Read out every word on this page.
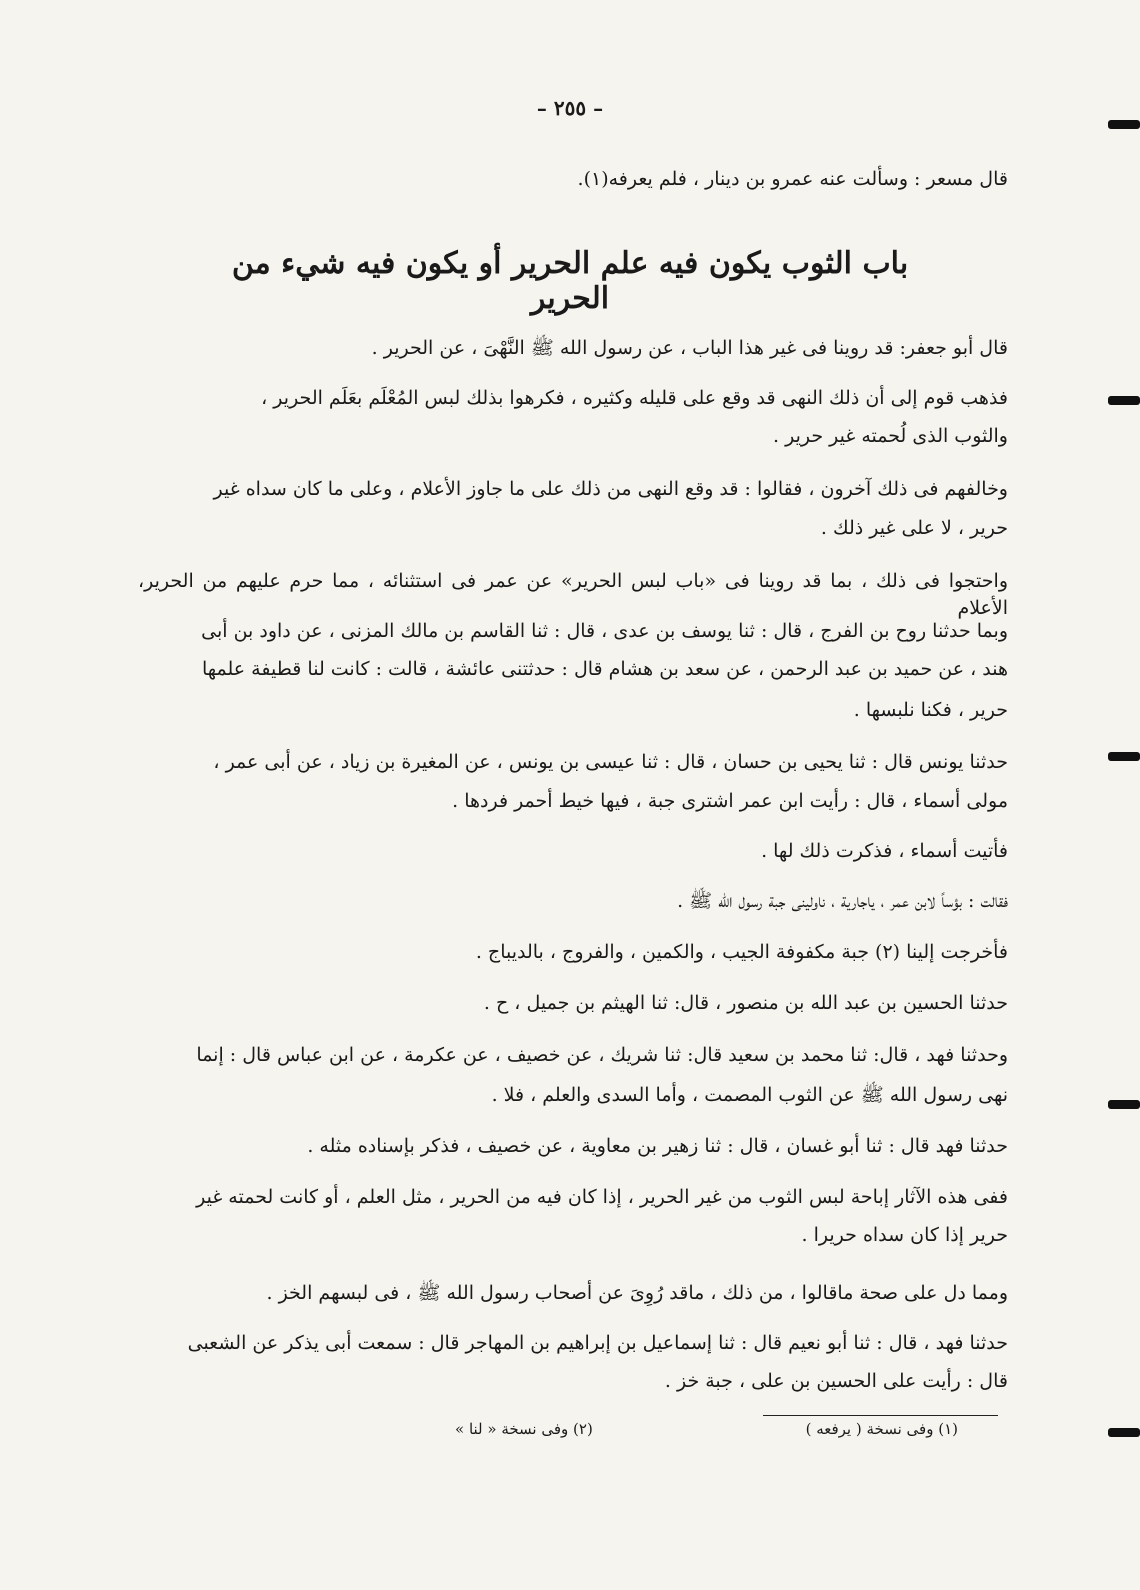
– ٢٥٥ –
قال مسعر : وسألت عنه عمرو بن دينار ، فلم يعرفه(١).
باب الثوب يكون فيه علم الحرير أو يكون فيه شيء من الحرير
قال أبو جعفر: قد روينا فى غير هذا الباب ، عن رسول الله ﷺ النَّهْىَ ، عن الحرير .
فذهب قوم إلى أن ذلك النهى قد وقع على قليله وكثيره ، فكرهوا بذلك لبس المُعْلَم بعَلَم الحرير ،
والثوب الذى لُحمته غير حرير .
وخالفهم فى ذلك آخرون ، فقالوا : قد وقع النهى من ذلك على ما جاوز الأعلام ، وعلى ما كان سداه غير
حرير ، لا على غير ذلك .
واحتجوا فى ذلك ، بما قد روينا فى «باب لبس الحرير» عن عمر فى استثنائه ، مما حرم عليهم من الحرير، الأعلام
وبما حدثنا روح بن الفرج ، قال : ثنا يوسف بن عدى ، قال : ثنا القاسم بن مالك المزنى ، عن داود بن أبى
هند ، عن حميد بن عبد الرحمن ، عن سعد بن هشام قال : حدثتنى عائشة ، قالت : كانت لنا قطيفة علمها
حرير ، فكنا نلبسها .
حدثنا يونس قال : ثنا يحيى بن حسان ، قال : ثنا عيسى بن يونس ، عن المغيرة بن زياد ، عن أبى عمر ،
مولى أسماء ، قال : رأيت ابن عمر اشترى جبة ، فيها خيط أحمر فردها .
فأتيت أسماء ، فذكرت ذلك لها .
فقالت : بؤساً لابن عمر ، ياجارية ، ناولينى جبة رسول الله ﷺ .
فأخرجت إلينا (٢) جبة مكفوفة الجيب ، والكمين ، والفروج ، بالديباج .
حدثنا الحسين بن عبد الله بن منصور ، قال: ثنا الهيثم بن جميل ، ح .
وحدثنا فهد ، قال: ثنا محمد بن سعيد قال: ثنا شريك ، عن خصيف ، عن عكرمة ، عن ابن عباس قال : إنما
نهى رسول الله ﷺ عن الثوب المصمت ، وأما السدى والعلم ، فلا .
حدثنا فهد قال : ثنا أبو غسان ، قال : ثنا زهير بن معاوية ، عن خصيف ، فذكر بإسناده مثله .
ففى هذه الآثار إباحة لبس الثوب من غير الحرير ، إذا كان فيه من الحرير ، مثل العلم ، أو كانت لحمته غير
حرير إذا كان سداه حريرا .
ومما دل على صحة ماقالوا ، من ذلك ، ماقد رُوِىَ عن أصحاب رسول الله ﷺ ، فى لبسهم الخز .
حدثنا فهد ، قال : ثنا أبو نعيم قال : ثنا إسماعيل بن إبراهيم بن المهاجر قال : سمعت أبى يذكر عن الشعبى
قال : رأيت على الحسين بن على ، جبة خز .
(١) وفى نسخة ( يرفعه )
(٢) وفى نسخة « لنا »
